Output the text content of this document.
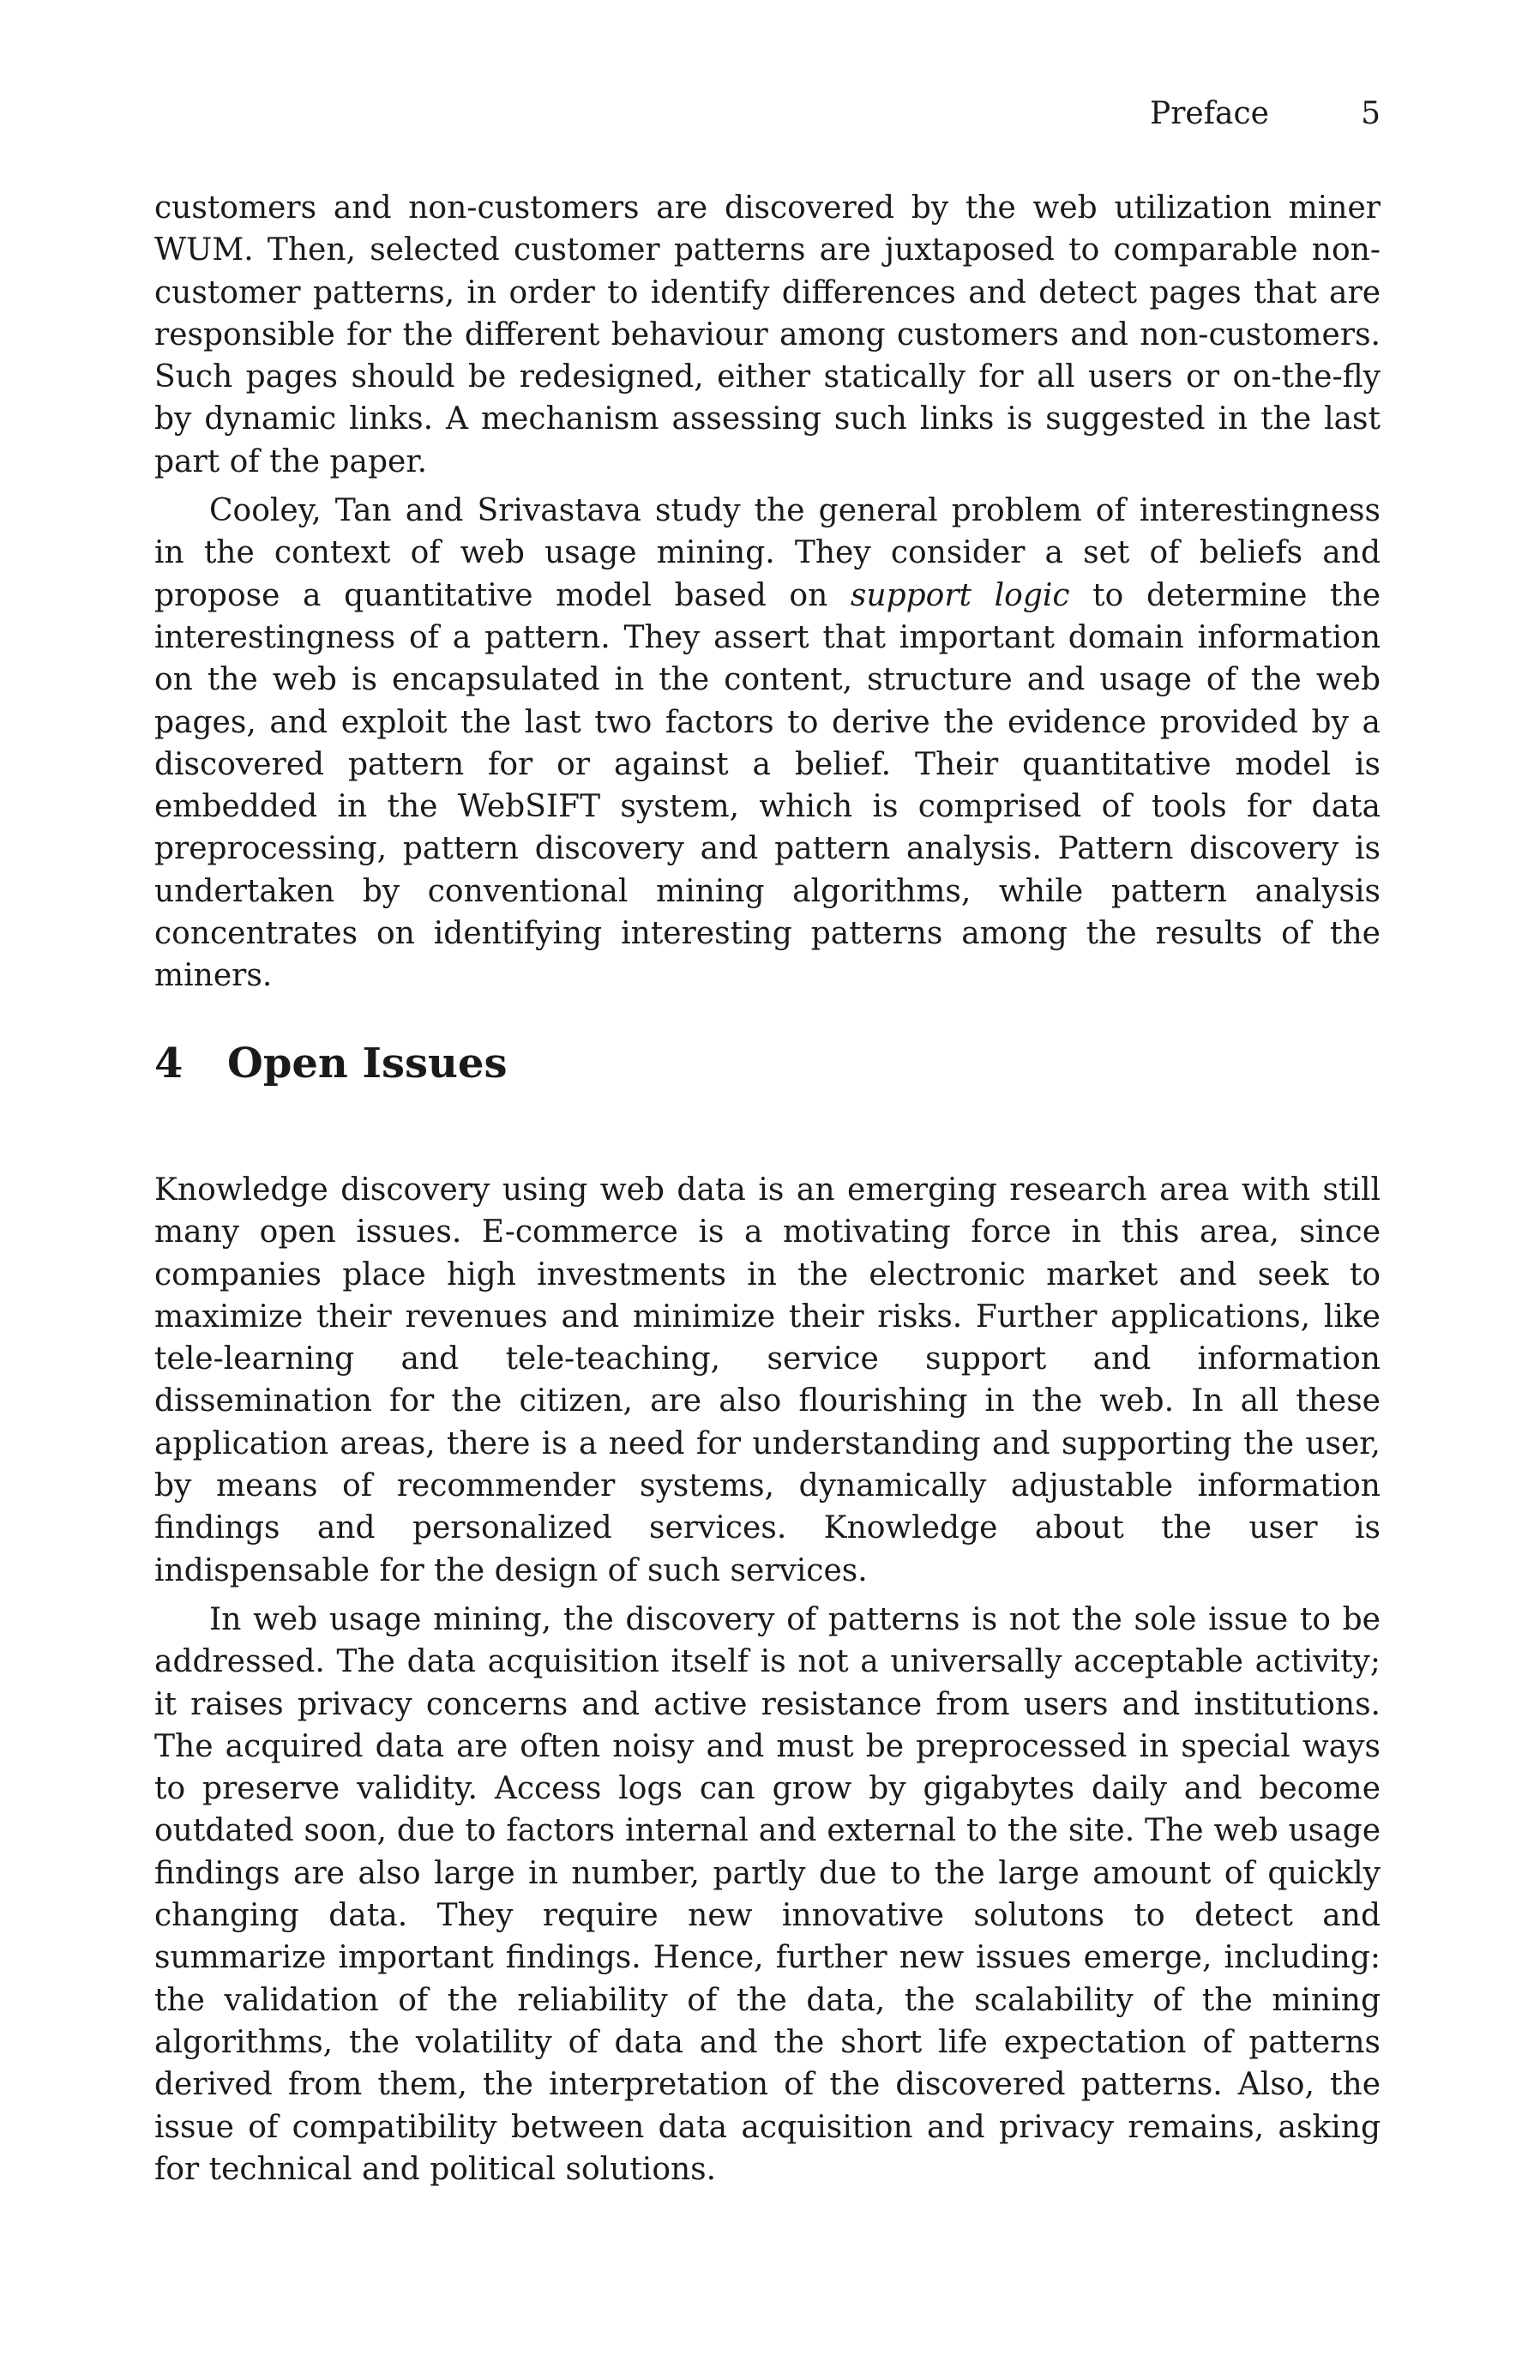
Preface	5

customers and non-customers are discovered by the web utilization miner WUM. Then, selected customer patterns are juxtaposed to comparable non-customer patterns, in order to identify differences and detect pages that are responsible for the different behaviour among customers and non-customers. Such pages should be redesigned, either statically for all users or on-the-fly by dynamic links. A mechanism assessing such links is suggested in the last part of the paper.

Cooley, Tan and Srivastava study the general problem of interestingness in the context of web usage mining. They consider a set of beliefs and propose a quantitative model based on support logic to determine the interestingness of a pattern. They assert that important domain information on the web is encapsulated in the content, structure and usage of the web pages, and exploit the last two factors to derive the evidence provided by a discovered pattern for or against a belief. Their quantitative model is embedded in the WebSIFT system, which is comprised of tools for data preprocessing, pattern discovery and pattern analysis. Pattern discovery is undertaken by conventional mining algorithms, while pattern analysis concentrates on identifying interesting patterns among the results of the miners.

4 Open Issues

Knowledge discovery using web data is an emerging research area with still many open issues. E-commerce is a motivating force in this area, since companies place high investments in the electronic market and seek to maximize their revenues and minimize their risks. Further applications, like tele-learning and tele-teaching, service support and information dissemination for the citizen, are also flourishing in the web. In all these application areas, there is a need for understanding and supporting the user, by means of recommender systems, dynamically adjustable information findings and personalized services. Knowledge about the user is indispensable for the design of such services.

In web usage mining, the discovery of patterns is not the sole issue to be addressed. The data acquisition itself is not a universally acceptable activity; it raises privacy concerns and active resistance from users and institutions. The acquired data are often noisy and must be preprocessed in special ways to preserve validity. Access logs can grow by gigabytes daily and become outdated soon, due to factors internal and external to the site. The web usage findings are also large in number, partly due to the large amount of quickly changing data. They require new innovative solutons to detect and summarize important findings. Hence, further new issues emerge, including: the validation of the reliability of the data, the scalability of the mining algorithms, the volatility of data and the short life expectation of patterns derived from them, the interpretation of the discovered patterns. Also, the issue of compatibility between data acquisition and privacy remains, asking for technical and political solutions.
